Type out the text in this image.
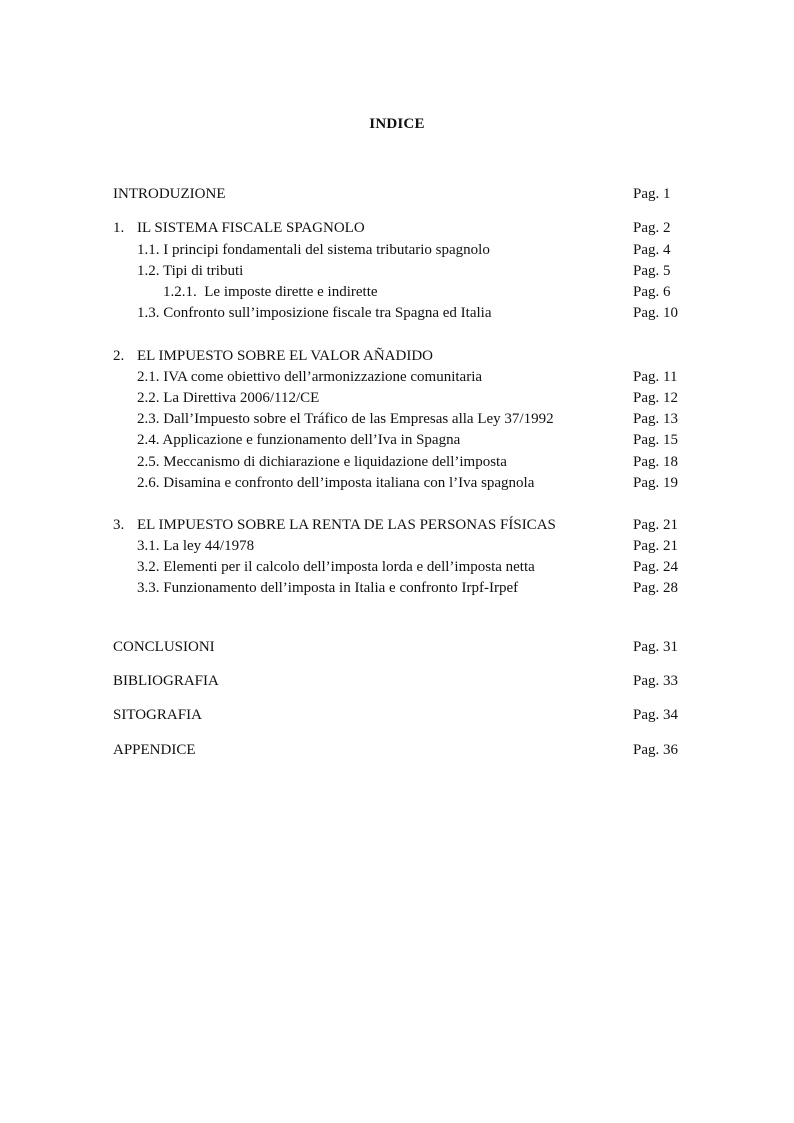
INDICE
INTRODUZIONE	Pag. 1
1. IL SISTEMA FISCALE SPAGNOLO	Pag. 2
1.1. I principi fondamentali del sistema tributario spagnolo	Pag. 4
1.2. Tipi di tributi	Pag. 5
1.2.1.  Le imposte dirette e indirette	Pag. 6
1.3. Confronto sull’imposizione fiscale tra Spagna ed Italia	Pag. 10
2. EL IMPUESTO SOBRE EL VALOR AÑADIDO
2.1. IVA come obiettivo dell’armonizzazione comunitaria	Pag. 11
2.2. La Direttiva 2006/112/CE	Pag. 12
2.3. Dall’Impuesto sobre el Tráfico de las Empresas alla Ley 37/1992	Pag. 13
2.4. Applicazione e funzionamento dell’Iva in Spagna	Pag. 15
2.5. Meccanismo di dichiarazione e liquidazione dell’imposta	Pag. 18
2.6. Disamina e confronto dell’imposta italiana con l’Iva spagnola	Pag. 19
3. EL IMPUESTO SOBRE LA RENTA DE LAS PERSONAS FÍSICAS	Pag. 21
3.1. La ley 44/1978	Pag. 21
3.2. Elementi per il calcolo dell’imposta lorda e dell’imposta netta	Pag. 24
3.3. Funzionamento dell’imposta in Italia e confronto Irpf-Irpef	Pag. 28
CONCLUSIONI	Pag. 31
BIBLIOGRAFIA	Pag. 33
SITOGRAFIA	Pag. 34
APPENDICE	Pag. 36
